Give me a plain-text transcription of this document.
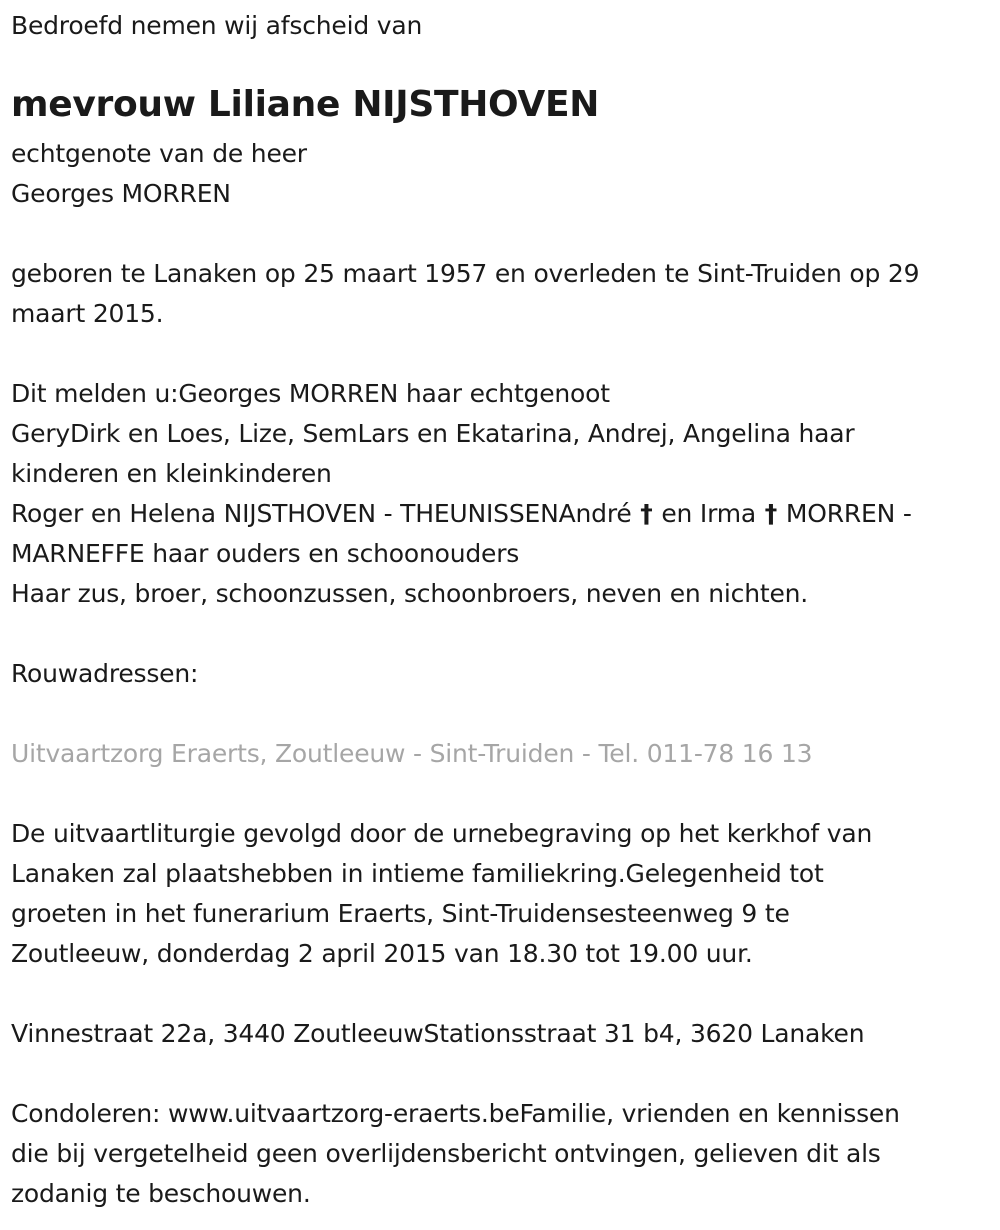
Bedroefd nemen wij afscheid van
mevrouw Liliane NIJSTHOVEN
echtgenote van de heer
Georges MORREN
geboren te Lanaken op 25 maart 1957 en overleden te Sint-Truiden op 29
maart 2015.
Dit melden u:Georges MORREN haar echtgenoot
GeryDirk en Loes, Lize, SemLars en Ekatarina, Andrej, Angelina haar
kinderen en kleinkinderen
Roger en Helena NIJSTHOVEN - THEUNISSENAndré † en Irma † MORREN -
MARNEFFE haar ouders en schoonouders
Haar zus, broer, schoonzussen, schoonbroers, neven en nichten.
Rouwadressen:
Uitvaartzorg Eraerts, Zoutleeuw - Sint-Truiden - Tel. 011-78 16 13
De uitvaartliturgie gevolgd door de urnebegraving op het kerkhof van
Lanaken zal plaatshebben in intieme familiekring.Gelegenheid tot
groeten in het funerarium Eraerts, Sint-Truidensesteenweg 9 te
Zoutleeuw, donderdag 2 april 2015 van 18.30 tot 19.00 uur.
Vinnestraat 22a, 3440 ZoutleeuwStationsstraat 31 b4, 3620 Lanaken
Condoleren: www.uitvaartzorg-eraerts.beFamilie, vrienden en kennissen
die bij vergetelheid geen overlijdensbericht ontvingen, gelieven dit als
zodanig te beschouwen.
